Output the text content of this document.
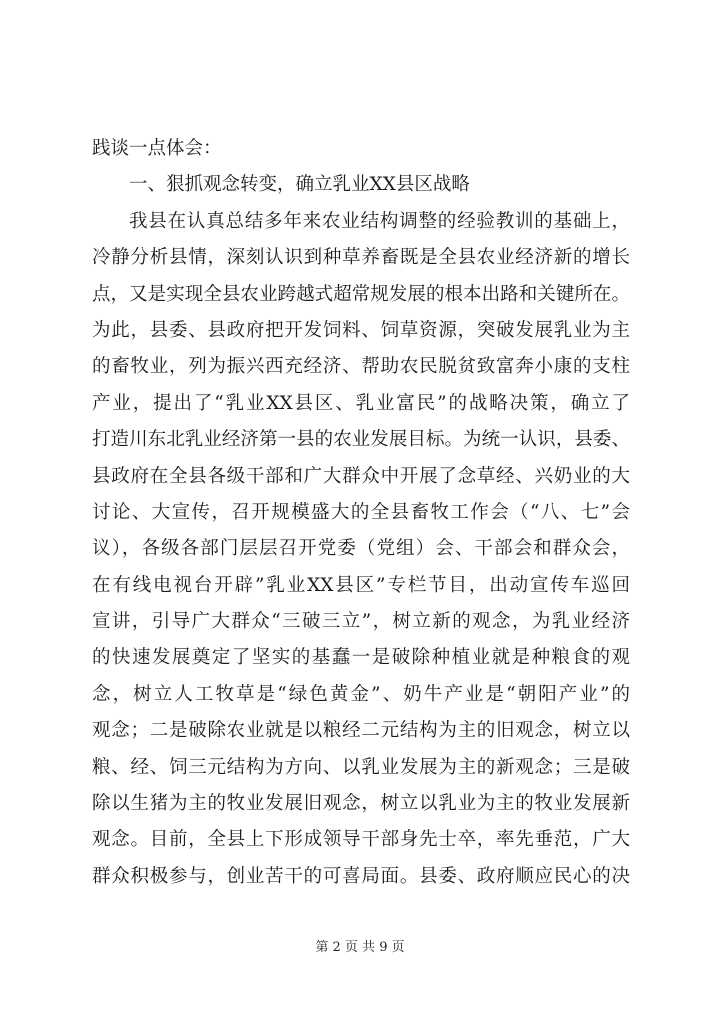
践谈一点体会：
一、狠抓观念转变，确立乳业XX县区战略
我县在认真总结多年来农业结构调整的经验教训的基础上，
冷静分析县情，深刻认识到种草养畜既是全县农业经济新的增长
点，又是实现全县农业跨越式超常规发展的根本出路和关键所在。
为此，县委、县政府把开发饲料、饲草资源，突破发展乳业为主
的畜牧业，列为振兴西充经济、帮助农民脱贫致富奔小康的支柱
产业，提出了“乳业XX县区、乳业富民”的战略决策，确立了
打造川东北乳业经济第一县的农业发展目标。为统一认识，县委、
县政府在全县各级干部和广大群众中开展了念草经、兴奶业的大
讨论、大宣传，召开规模盛大的全县畜牧工作会（“八、七”会
议），各级各部门层层召开党委（党组）会、干部会和群众会，
在有线电视台开辟”乳业XX县区”专栏节目，出动宣传车巡回
宣讲，引导广大群众“三破三立”，树立新的观念，为乳业经济
的快速发展奠定了坚实的基蠢一是破除种植业就是种粮食的观
念，树立人工牧草是“绿色黄金”、奶牛产业是“朝阳产业”的
观念；二是破除农业就是以粮经二元结构为主的旧观念，树立以
粮、经、饲三元结构为方向、以乳业发展为主的新观念；三是破
除以生猪为主的牧业发展旧观念，树立以乳业为主的牧业发展新
观念。目前，全县上下形成领导干部身先士卒，率先垂范，广大
群众积极参与，创业苦干的可喜局面。县委、政府顺应民心的决
第 2 页 共 9 页
